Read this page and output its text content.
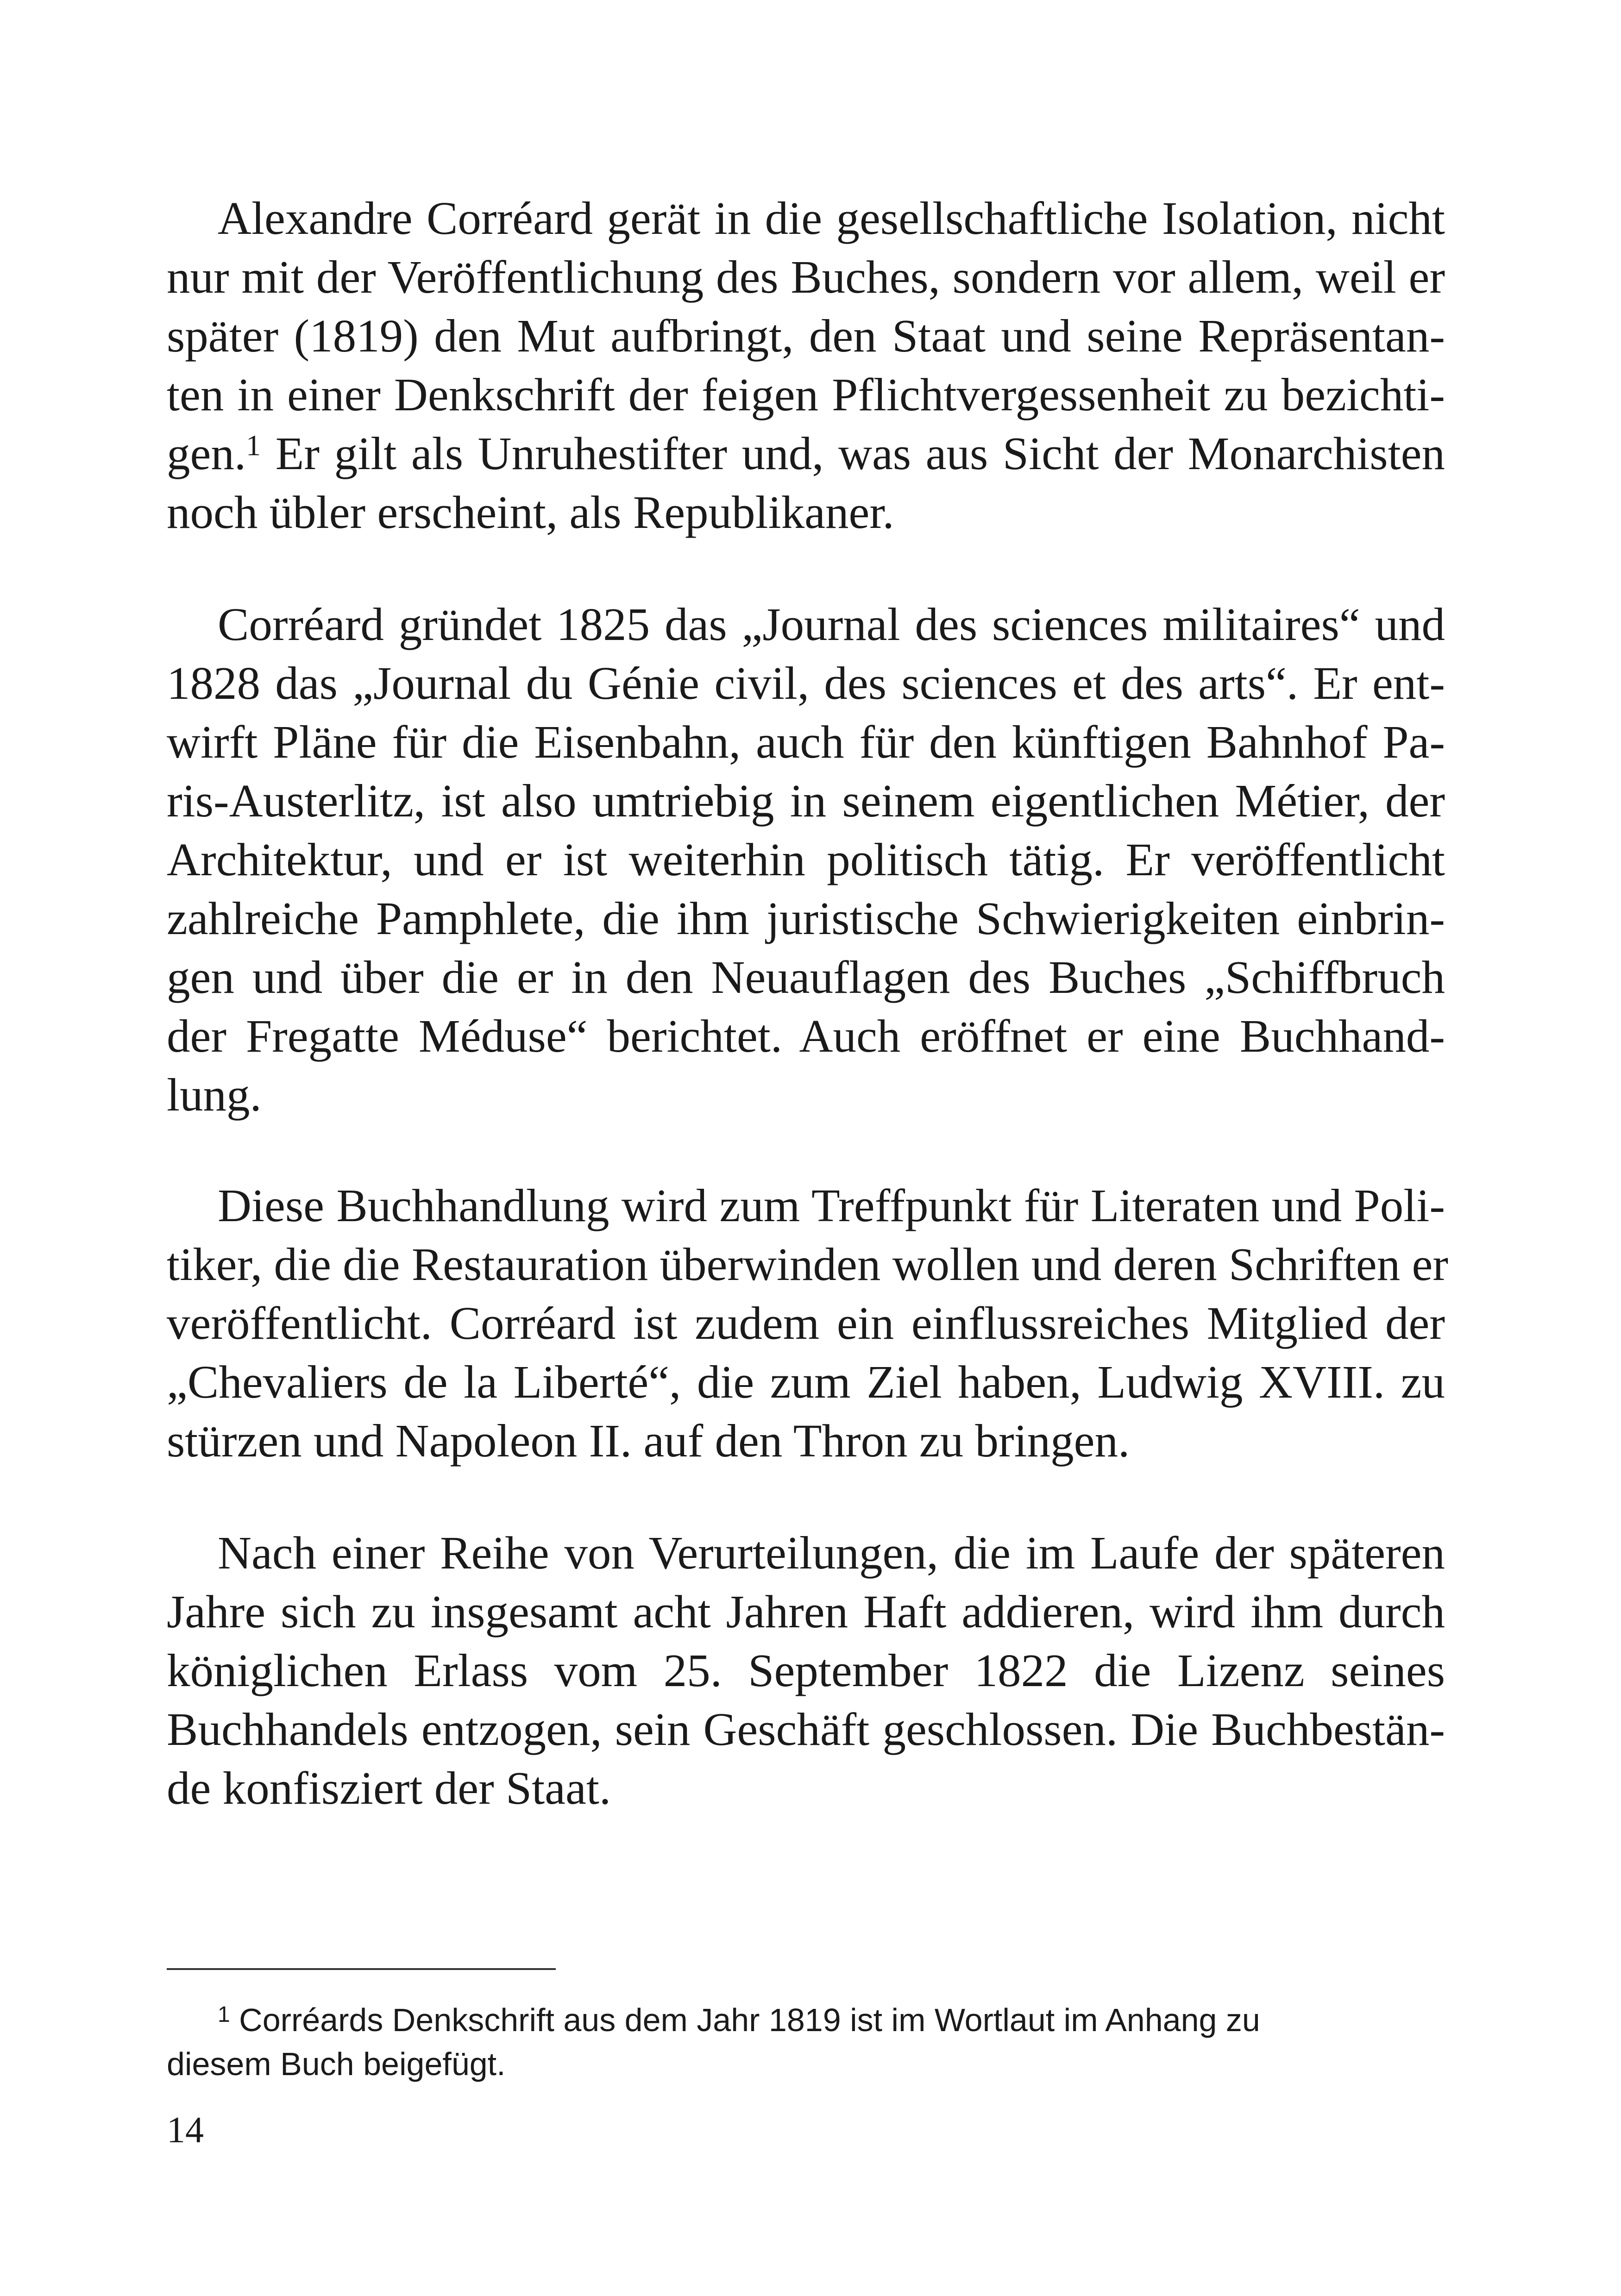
Alexandre Corréard gerät in die gesellschaftliche Isolation, nicht
nur mit der Veröffentlichung des Buches, sondern vor allem, weil er
später (1819) den Mut aufbringt, den Staat und seine Repräsentan-
ten in einer Denkschrift der feigen Pflichtvergessenheit zu bezichti-
gen.$^1$ Er gilt als Unruhestifter und, was aus Sicht der Monarchisten
noch übler erscheint, als Republikaner.
Corréard gründet 1825 das „Journal des sciences militaires“ und
1828 das „Journal du Génie civil, des sciences et des arts“. Er ent-
wirft Pläne für die Eisenbahn, auch für den künftigen Bahnhof Pa-
ris-Austerlitz, ist also umtriebig in seinem eigentlichen Métier, der
Architektur, und er ist weiterhin politisch tätig. Er veröffentlicht
zahlreiche Pamphlete, die ihm juristische Schwierigkeiten einbrin-
gen und über die er in den Neuauflagen des Buches „Schiffbruch
der Fregatte Méduse“ berichtet. Auch eröffnet er eine Buchhand-
lung.
Diese Buchhandlung wird zum Treffpunkt für Literaten und Poli-
tiker, die die Restauration überwinden wollen und deren Schriften er
veröffentlicht. Corréard ist zudem ein einflussreiches Mitglied der
„Chevaliers de la Liberté“, die zum Ziel haben, Ludwig XVIII. zu
stürzen und Napoleon II. auf den Thron zu bringen.
Nach einer Reihe von Verurteilungen, die im Laufe der späteren
Jahre sich zu insgesamt acht Jahren Haft addieren, wird ihm durch
königlichen Erlass vom 25. September 1822 die Lizenz seines
Buchhandels entzogen, sein Geschäft geschlossen. Die Buchbestän-
de konfisziert der Staat.
$^1$ Corréards Denkschrift aus dem Jahr 1819 ist im Wortlaut im Anhang zu
diesem Buch beigefügt.
14
